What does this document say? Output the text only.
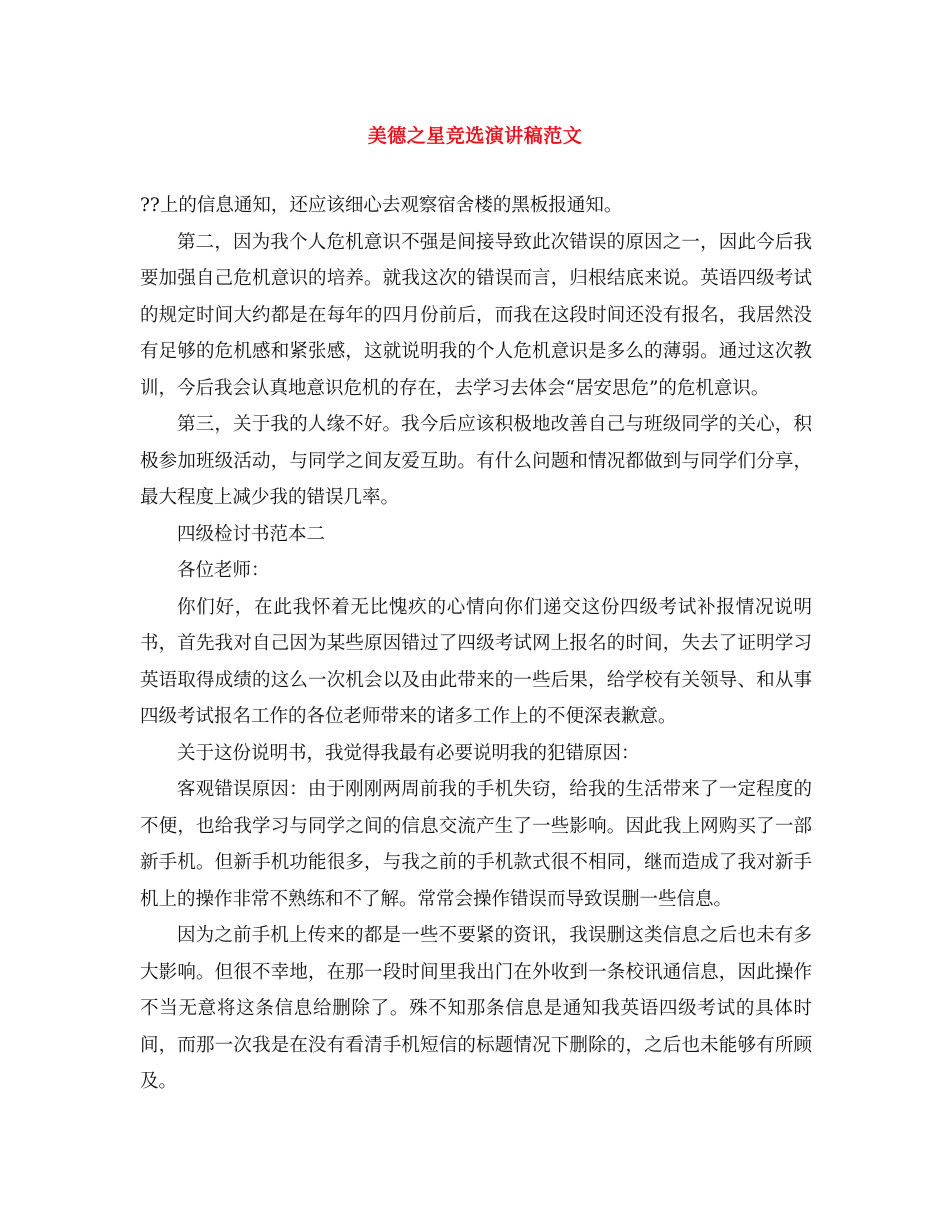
美德之星竞选演讲稿范文

??上的信息通知，还应该细心去观察宿舍楼的黑板报通知。

第二，因为我个人危机意识不强是间接导致此次错误的原因之一，因此今后我要加强自己危机意识的培养。就我这次的错误而言，归根结底来说。英语四级考试的规定时间大约都是在每年的四月份前后，而我在这段时间还没有报名，我居然没有足够的危机感和紧张感，这就说明我的个人危机意识是多么的薄弱。通过这次教训，今后我会认真地意识危机的存在，去学习去体会“居安思危”的危机意识。

第三，关于我的人缘不好。我今后应该积极地改善自己与班级同学的关心，积极参加班级活动，与同学之间友爱互助。有什么问题和情况都做到与同学们分享，最大程度上减少我的错误几率。

四级检讨书范本二

各位老师：

你们好，在此我怀着无比愧疚的心情向你们递交这份四级考试补报情况说明书，首先我对自己因为某些原因错过了四级考试网上报名的时间，失去了证明学习英语取得成绩的这么一次机会以及由此带来的一些后果，给学校有关领导、和从事四级考试报名工作的各位老师带来的诸多工作上的不便深表歉意。

关于这份说明书，我觉得我最有必要说明我的犯错原因：

客观错误原因：由于刚刚两周前我的手机失窃，给我的生活带来了一定程度的不便，也给我学习与同学之间的信息交流产生了一些影响。因此我上网购买了一部新手机。但新手机功能很多，与我之前的手机款式很不相同，继而造成了我对新手机上的操作非常不熟练和不了解。常常会操作错误而导致误删一些信息。

因为之前手机上传来的都是一些不要紧的资讯，我误删这类信息之后也未有多大影响。但很不幸地，在那一段时间里我出门在外收到一条校讯通信息，因此操作不当无意将这条信息给删除了。殊不知那条信息是通知我英语四级考试的具体时间，而那一次我是在没有看清手机短信的标题情况下删除的，之后也未能够有所顾及。
